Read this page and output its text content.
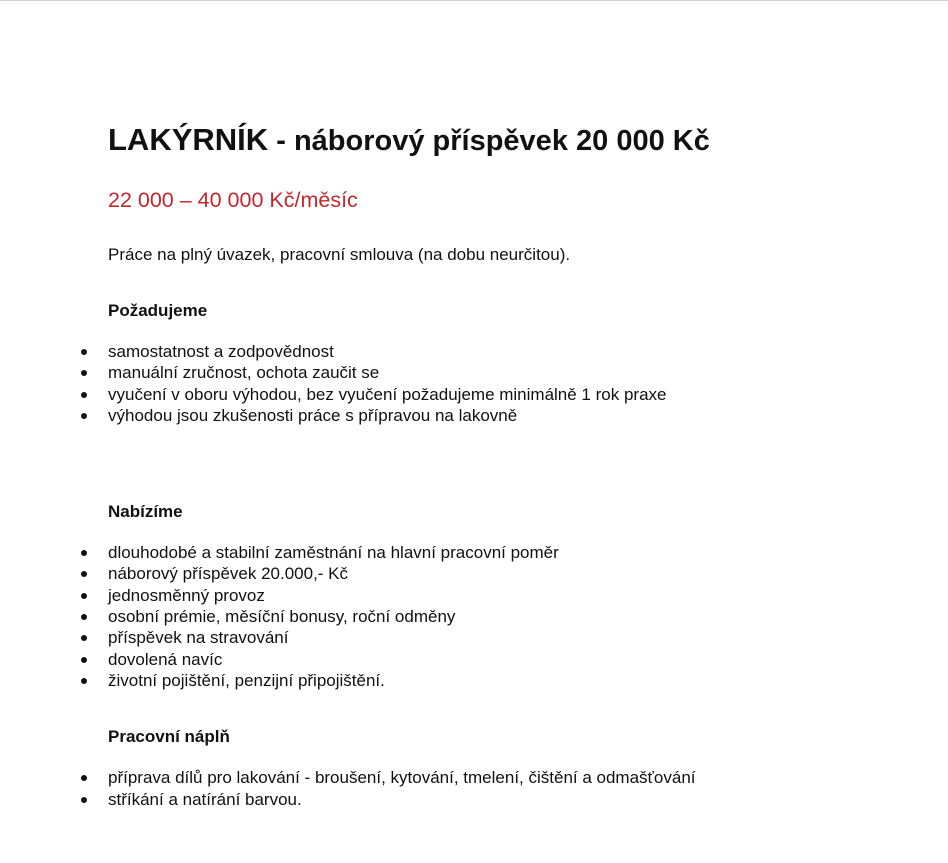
LAKÝRNÍK - náborový příspěvek 20 000 Kč
22 000 – 40 000 Kč/měsíc

Práce na plný úvazek, pracovní smlouva (na dobu neurčitou).

Požadujeme
samostatnost a zodpovědnost
manuální zručnost, ochota zaučit se
vyučení v oboru výhodou, bez vyučení požadujeme minimálně 1 rok praxe
výhodou jsou zkušenosti práce s přípravou na lakovně
Nabízíme
dlouhodobé a stabilní zaměstnání na hlavní pracovní poměr
náborový příspěvek 20.000,- Kč
jednosměnný provoz
osobní prémie, měsíční bonusy, roční odměny
příspěvek na stravování
dovolená navíc
životní pojištění, penzijní připojištění.
Pracovní náplň
příprava dílů pro lakování - broušení, kytování, tmelení, čištění a odmašťování
stříkání a natírání barvou.
